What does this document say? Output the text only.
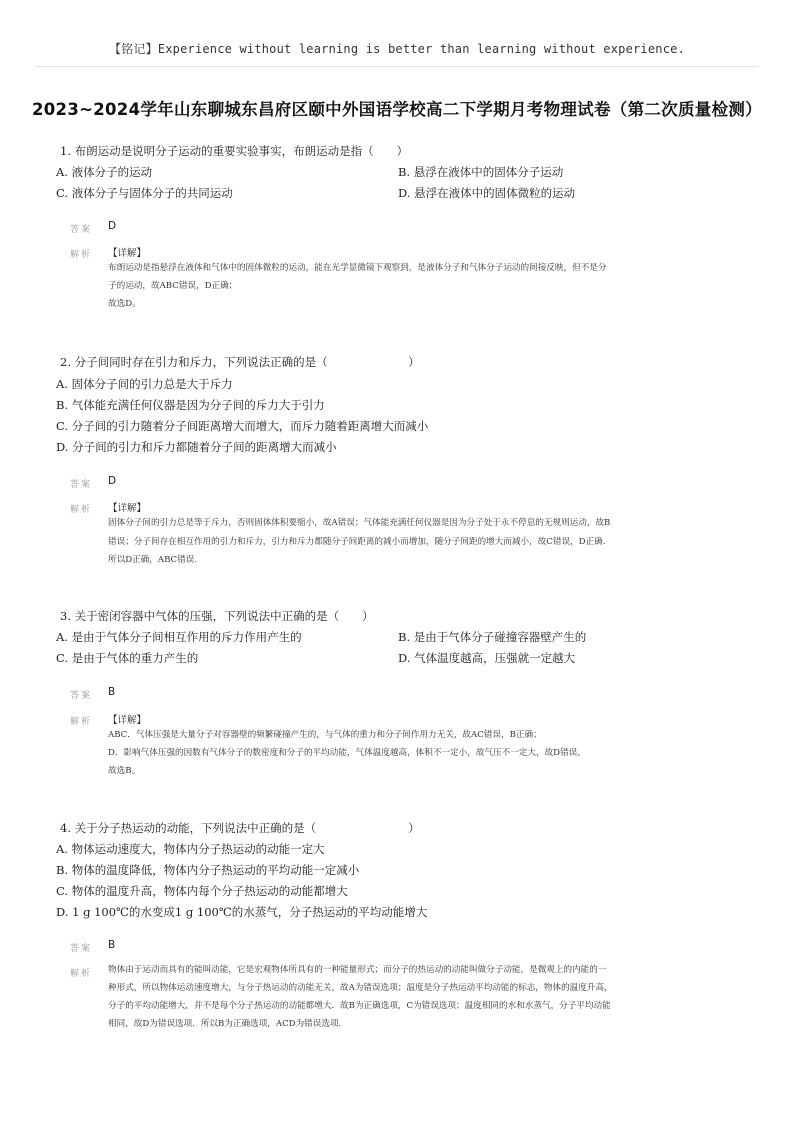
【铭记】Experience without learning is better than learning without experience.
2023~2024学年山东聊城东昌府区颐中外国语学校高二下学期月考物理试卷（第二次质量检测）
1. 布朗运动是说明分子运动的重要实验事实，布朗运动是指（　　）
A. 液体分子的运动	B. 悬浮在液体中的固体分子运动
C. 液体分子与固体分子的共同运动	D. 悬浮在液体中的固体微粒的运动
答案 D
解析 【详解】
布朗运动是指悬浮在液体和气体中的固体微粒的运动，能在光学显微镜下观察到，是液体分子和气体分子运动的间接反映，但不是分
子的运动，故ABC错误，D正确；
故选D。
2. 分子间同时存在引力和斥力，下列说法正确的是（　　　　　　　）
A. 固体分子间的引力总是大于斥力
B. 气体能充满任何仪器是因为分子间的斥力大于引力
C. 分子间的引力随着分子间距离增大而增大，而斥力随着距离增大而减小
D. 分子间的引力和斥力都随着分子间的距离增大而减小
答案 D
解析 【详解】
固体分子间的引力总是等于斥力，否则固体体积要缩小，故A错误；气体能充满任何仪器是因为分子处于永不停息的无规则运动，故B
错误；分子间存在相互作用的引力和斥力，引力和斥力都随分子间距离的减小而增加，随分子间距的增大而减小，故C错误，D正确．
所以D正确，ABC错误.
3. 关于密闭容器中气体的压强，下列说法中正确的是（　　）
A. 是由于气体分子间相互作用的斥力作用产生的	B. 是由于气体分子碰撞容器壁产生的
C. 是由于气体的重力产生的	D. 气体温度越高，压强就一定越大
答案 B
解析 【详解】
ABC．气体压强是大量分子对容器壁的频繁碰撞产生的，与气体的重力和分子间作用力无关，故AC错误，B正确；
D．影响气体压强的因数有气体分子的数密度和分子的平均动能，气体温度越高，体积不一定小，故气压不一定大，故D错误。
故选B。
4. 关于分子热运动的动能，下列说法中正确的是（　　　　　　　　）
A. 物体运动速度大，物体内分子热运动的动能一定大
B. 物体的温度降低，物体内分子热运动的平均动能一定减小
C. 物体的温度升高，物体内每个分子热运动的动能都增大
D. 1 g 100℃的水变成1 g 100℃的水蒸气，分子热运动的平均动能增大
答案 B
解析 物体由于运动而具有的能叫动能，它是宏观物体所具有的一种能量形式；而分子的热运动的动能叫做分子动能，是微观上的内能的一
种形式，所以物体运动速度增大，与分子热运动的动能无关，故A为错误选项；温度是分子热运动平均动能的标志，物体的温度升高，
分子的平均动能增大，并不是每个分子热运动的动能都增大．故B为正确选项，C为错误选项；温度相同的水和水蒸气，分子平均动能
相同，故D为错误选项．所以B为正确选项，ACD为错误选项．
